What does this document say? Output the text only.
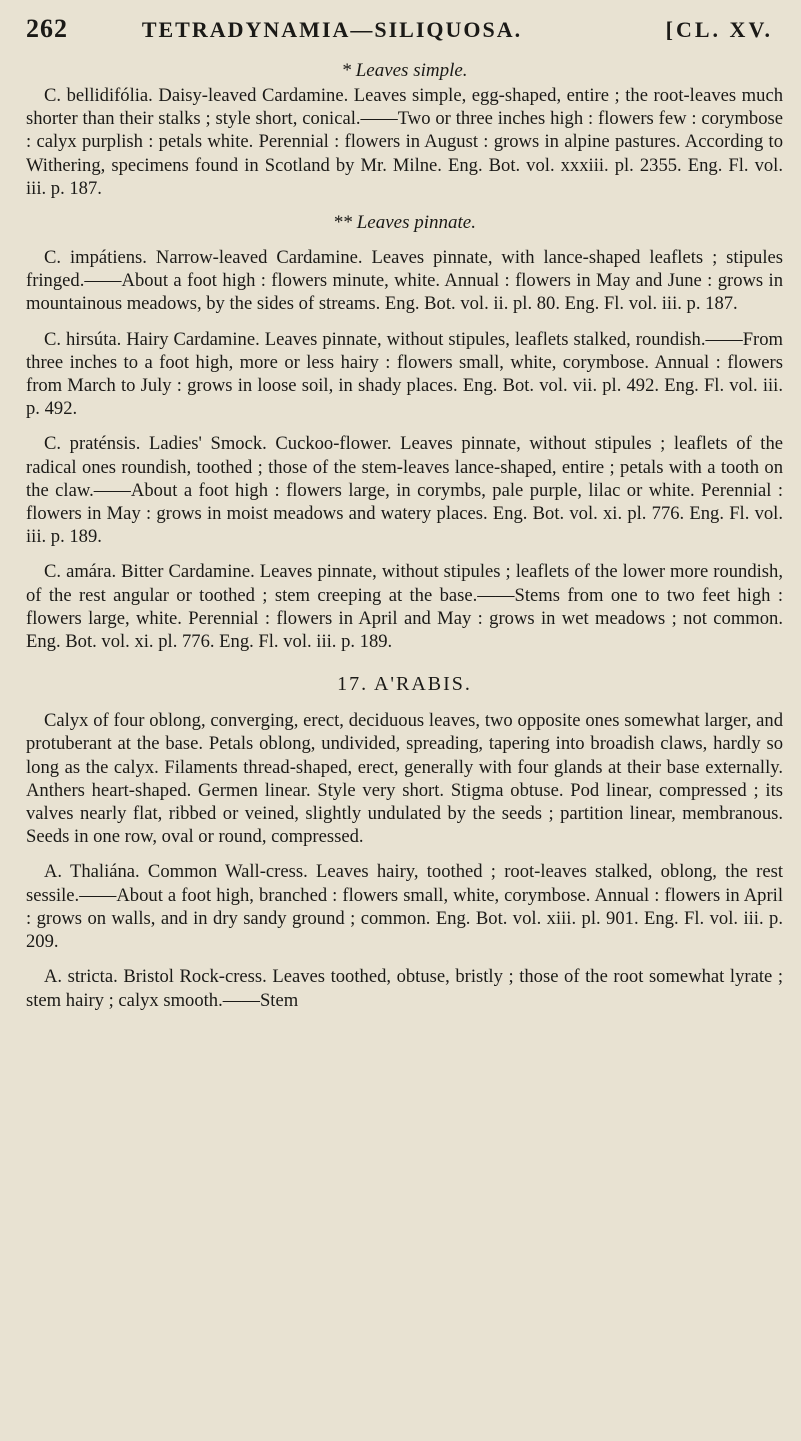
262	TETRADYNAMIA—SILIQUOSA.	[CL. XV.

* Leaves simple.

C. bellidifólia. Daisy-leaved Cardamine. Leaves simple, egg-shaped, entire ; the root-leaves much shorter than their stalks ; style short, conical.——Two or three inches high : flowers few : corymbose : calyx purplish : petals white. Perennial : flowers in August : grows in alpine pastures. According to Withering, specimens found in Scotland by Mr. Milne. Eng. Bot. vol. xxxiii. pl. 2355. Eng. Fl. vol. iii. p. 187.

** Leaves pinnate.

C. impátiens. Narrow-leaved Cardamine. Leaves pinnate, with lance-shaped leaflets ; stipules fringed.——About a foot high : flowers minute, white. Annual : flowers in May and June : grows in mountainous meadows, by the sides of streams. Eng. Bot. vol. ii. pl. 80. Eng. Fl. vol. iii. p. 187.

C. hirsúta. Hairy Cardamine. Leaves pinnate, without stipules, leaflets stalked, roundish.——From three inches to a foot high, more or less hairy : flowers small, white, corymbose. Annual : flowers from March to July : grows in loose soil, in shady places. Eng. Bot. vol. vii. pl. 492. Eng. Fl. vol. iii. p. 492.

C. praténsis. Ladies' Smock. Cuckoo-flower. Leaves pinnate, without stipules ; leaflets of the radical ones roundish, toothed ; those of the stem-leaves lance-shaped, entire ; petals with a tooth on the claw.——About a foot high : flowers large, in corymbs, pale purple, lilac or white. Perennial : flowers in May : grows in moist meadows and watery places. Eng. Bot. vol. xi. pl. 776. Eng. Fl. vol. iii. p. 189.

C. amára. Bitter Cardamine. Leaves pinnate, without stipules ; leaflets of the lower more roundish, of the rest angular or toothed ; stem creeping at the base.——Stems from one to two feet high : flowers large, white. Perennial : flowers in April and May : grows in wet meadows ; not common. Eng. Bot. vol. xi. pl. 776. Eng. Fl. vol. iii. p. 189.

17. A'RABIS.

Calyx of four oblong, converging, erect, deciduous leaves, two opposite ones somewhat larger, and protuberant at the base. Petals oblong, undivided, spreading, tapering into broadish claws, hardly so long as the calyx. Filaments thread-shaped, erect, generally with four glands at their base externally. Anthers heart-shaped. Germen linear. Style very short. Stigma obtuse. Pod linear, compressed ; its valves nearly flat, ribbed or veined, slightly undulated by the seeds ; partition linear, membranous. Seeds in one row, oval or round, compressed.

A. Thaliána. Common Wall-cress. Leaves hairy, toothed ; root-leaves stalked, oblong, the rest sessile.——About a foot high, branched : flowers small, white, corymbose. Annual : flowers in April : grows on walls, and in dry sandy ground ; common. Eng. Bot. vol. xiii. pl. 901. Eng. Fl. vol. iii. p. 209.

A. stricta. Bristol Rock-cress. Leaves toothed, obtuse, bristly ; those of the root somewhat lyrate ; stem hairy ; calyx smooth.——Stem
